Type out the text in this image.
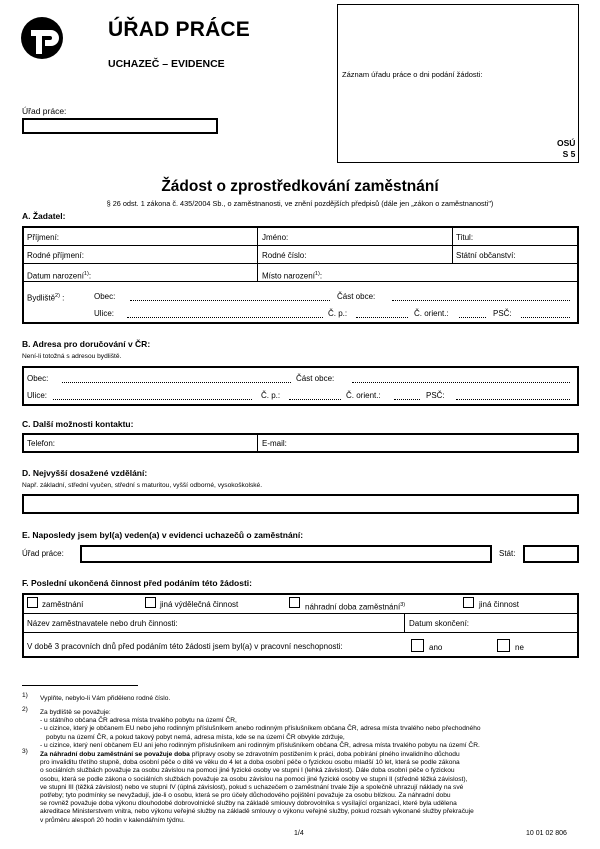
ÚŘAD PRÁCE
UCHAZEČ – EVIDENCE
Úřad práce:
Záznam úřadu práce o dni podání žádosti:
OSÚ
S 5
Žádost o zprostředkování zaměstnání
§ 26 odst. 1 zákona č. 435/2004 Sb., o zaměstnanosti, ve znění pozdějších předpisů (dále jen „zákon o zaměstnanosti")
A. Žadatel:
Příjmení:	Jméno:	Titul:
Rodné příjmení:	Rodné číslo:	Státní občanství:
Datum narození$^{1)}$:	Místo narození$^{1)}$:
Bydliště$^{2)}$ :	Obec:	Část obce:
Ulice:	Č. p.:	Č. orient.:	PSČ:
B. Adresa pro doručování v ČR:
Není-li totožná s adresou bydliště.
Obec:	Část obce:
Ulice:	Č. p.:	Č. orient.:	PSČ:
C. Další možnosti kontaktu:
Telefon:	E-mail:
D. Nejvyšší dosažené vzdělání:
Např. základní, střední vyučen, střední s maturitou, vyšší odborné, vysokoškolské.
E. Naposledy jsem byl(a) veden(a) v evidenci uchazečů o zaměstnání:
Úřad práce:	Stát:
F. Poslední ukončená činnost před podáním této žádosti:
zaměstnání	jiná výdělečná činnost	náhradní doba zaměstnání$^{3)}$	jiná činnost
Název zaměstnavatele nebo druh činnosti:	Datum skončení:
V době 3 pracovních dnů před podáním této žádosti jsem byl(a) v pracovní neschopnosti:	ano	ne
1) Vyplňte, nebylo-li Vám přiděleno rodné číslo.
2) Za bydliště se považuje:
- u státního občana ČR adresa místa trvalého pobytu na území ČR,
- u cizince, který je občanem EU nebo jeho rodinným příslušníkem anebo rodinným příslušníkem občana ČR, adresa místa trvalého nebo přechodného
pobytu na území ČR, a pokud takový pobyt nemá, adresa místa, kde se na území ČR obvykle zdržuje,
- u cizince, který není občanem EU ani jeho rodinným příslušníkem ani rodinným příslušníkem občana ČR, adresa místa trvalého pobytu na území ČR.
3) Za náhradní dobu zaměstnání se považuje doba přípravy osoby se zdravotním postižením k práci, doba pobírání plného invalidního důchodu
pro invaliditu třetího stupně, doba osobní péče o dítě ve věku do 4 let a doba osobní péče o fyzickou osobu mladší 10 let, která se podle zákona
o sociálních službách považuje za osobu závislou na pomoci jiné fyzické osoby ve stupni I (lehká závislost). Dále doba osobní péče o fyzickou
osobu, která se podle zákona o sociálních službách považuje za osobu závislou na pomoci jiné fyzické osoby ve stupni II (středně těžká závislost),
ve stupni III (těžká závislost) nebo ve stupni IV (úplná závislost), pokud s uchazečem o zaměstnání trvale žije a společně uhrazují náklady na své
potřeby; tyto podmínky se nevyžadují, jde-li o osobu, která se pro účely důchodového pojištění považuje za osobu blízkou. Za náhradní dobu
se rovněž považuje doba výkonu dlouhodobé dobrovolnické služby na základě smlouvy dobrovolníka s vysílající organizací, které byla udělena
akreditace Ministerstvem vnitra, nebo výkonu veřejné služby na základě smlouvy o výkonu veřejné služby, pokud rozsah vykonané služby překračuje
v průměru alespoň 20 hodin v kalendářním týdnu.
1/4	10 01 02 806
